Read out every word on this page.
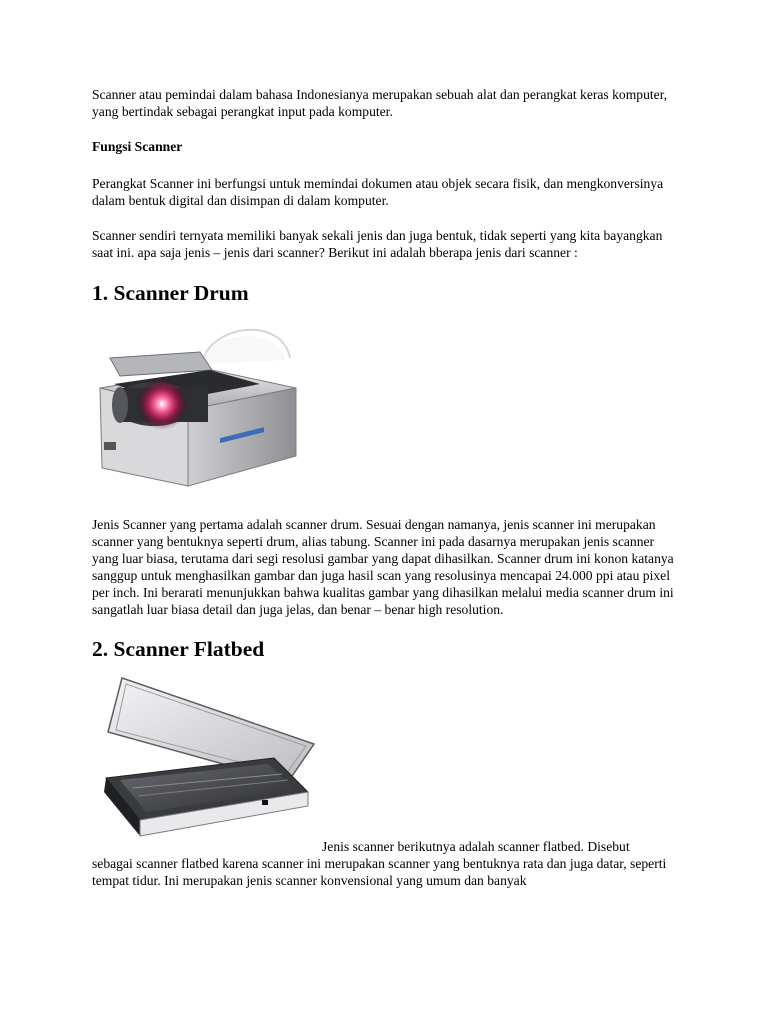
Scanner atau pemindai dalam bahasa Indonesianya merupakan sebuah alat dan perangkat keras komputer, yang bertindak sebagai perangkat input pada komputer.

Fungsi Scanner

Perangkat Scanner ini berfungsi untuk memindai dokumen atau objek secara fisik, dan mengkonversinya dalam bentuk digital dan disimpan di dalam komputer.

Scanner sendiri ternyata memiliki banyak sekali jenis dan juga bentuk, tidak seperti yang kita bayangkan saat ini. apa saja jenis – jenis dari scanner? Berikut ini adalah bberapa jenis dari scanner :

1. Scanner Drum

Jenis Scanner yang pertama adalah scanner drum. Sesuai dengan namanya, jenis scanner ini merupakan scanner yang bentuknya seperti drum, alias tabung. Scanner ini pada dasarnya merupakan jenis scanner yang luar biasa, terutama dari segi resolusi gambar yang dapat dihasilkan. Scanner drum ini konon katanya sanggup untuk menghasilkan gambar dan juga hasil scan yang resolusinya mencapai 24.000 ppi atau pixel per inch. Ini berarati menunjukkan bahwa kualitas gambar yang dihasilkan melalui media scanner drum ini sangatlah luar biasa detail dan juga jelas, dan benar – benar high resolution.

2. Scanner Flatbed

Jenis scanner berikutnya adalah scanner flatbed. Disebut

sebagai scanner flatbed karena scanner ini merupakan scanner yang bentuknya rata dan juga datar, seperti tempat tidur. Ini merupakan jenis scanner konvensional yang umum dan banyak
